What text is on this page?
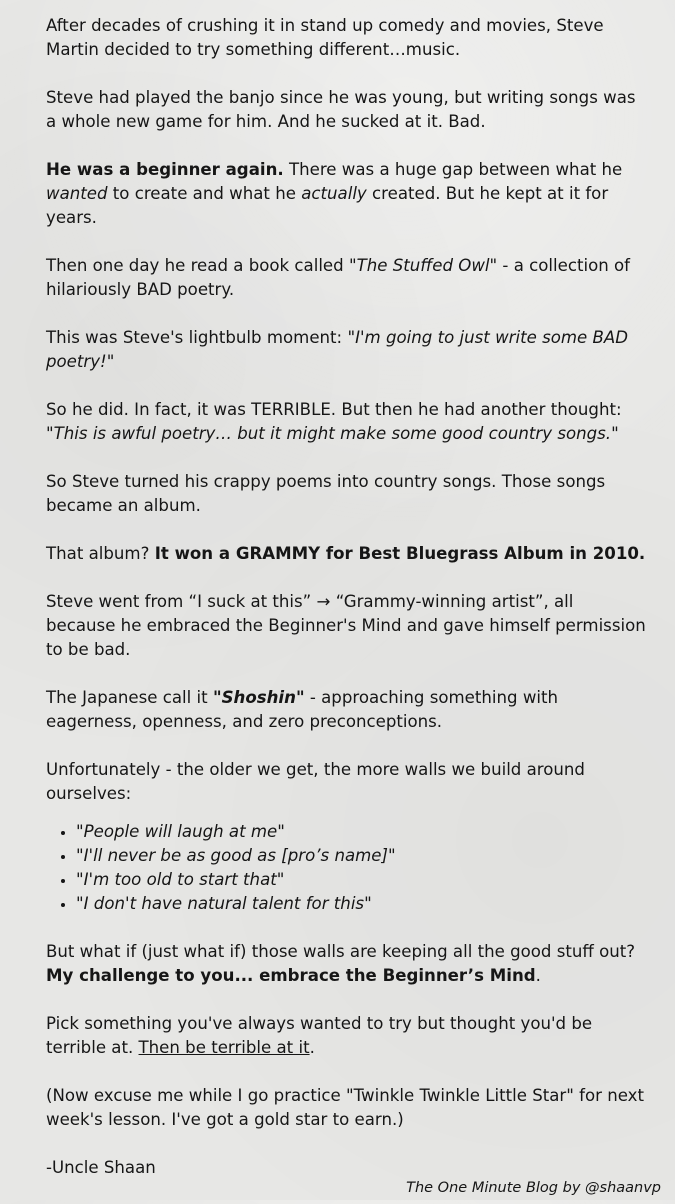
After decades of crushing it in stand up comedy and movies, Steve Martin decided to try something different…music.

Steve had played the banjo since he was young, but writing songs was a whole new game for him. And he sucked at it. Bad.

He was a beginner again. There was a huge gap between what he wanted to create and what he actually created. But he kept at it for years.

Then one day he read a book called "The Stuffed Owl" - a collection of hilariously BAD poetry.

This was Steve's lightbulb moment: "I'm going to just write some BAD poetry!"

So he did. In fact, it was TERRIBLE. But then he had another thought: "This is awful poetry… but it might make some good country songs."

So Steve turned his crappy poems into country songs. Those songs became an album.

That album? It won a GRAMMY for Best Bluegrass Album in 2010.

Steve went from “I suck at this” → “Grammy-winning artist”, all because he embraced the Beginner's Mind and gave himself permission to be bad.

The Japanese call it "Shoshin" - approaching something with eagerness, openness, and zero preconceptions.

Unfortunately - the older we get, the more walls we build around ourselves:

• "People will laugh at me"
• "I'll never be as good as [pro’s name]"
• "I'm too old to start that"
• "I don't have natural talent for this"

But what if (just what if) those walls are keeping all the good stuff out? My challenge to you... embrace the Beginner’s Mind.

Pick something you've always wanted to try but thought you'd be terrible at. Then be terrible at it.

(Now excuse me while I go practice "Twinkle Twinkle Little Star" for next week's lesson. I've got a gold star to earn.)

-Uncle Shaan

The One Minute Blog by @shaanvp
